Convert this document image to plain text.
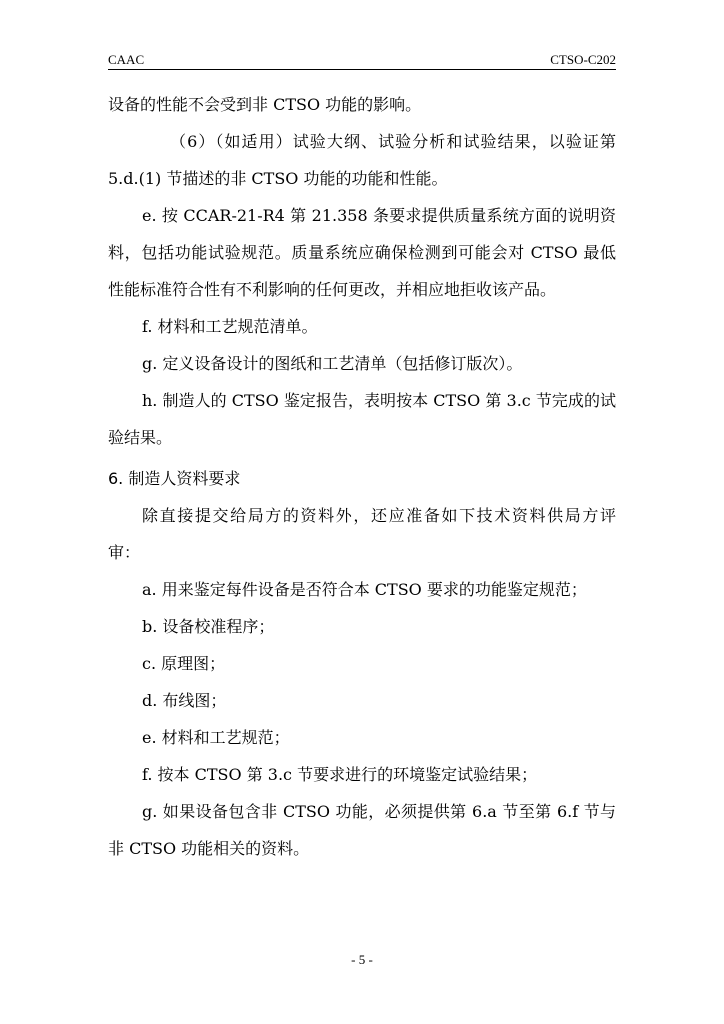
CAAC	CTSO-C202
设备的性能不会受到非 CTSO 功能的影响。
（6）（如适用）试验大纲、试验分析和试验结果，以验证第
5.d.(1) 节描述的非 CTSO 功能的功能和性能。
e. 按 CCAR-21-R4 第 21.358 条要求提供质量系统方面的说明资
料，包括功能试验规范。质量系统应确保检测到可能会对 CTSO 最低
性能标准符合性有不利影响的任何更改，并相应地拒收该产品。
f. 材料和工艺规范清单。
g. 定义设备设计的图纸和工艺清单（包括修订版次）。
h. 制造人的 CTSO 鉴定报告，表明按本 CTSO 第 3.c 节完成的试
验结果。
6. 制造人资料要求
除直接提交给局方的资料外，还应准备如下技术资料供局方评
审：
a. 用来鉴定每件设备是否符合本 CTSO 要求的功能鉴定规范；
b. 设备校准程序；
c. 原理图；
d. 布线图；
e. 材料和工艺规范；
f. 按本 CTSO 第 3.c 节要求进行的环境鉴定试验结果；
g. 如果设备包含非 CTSO 功能，必须提供第 6.a 节至第 6.f 节与
非 CTSO 功能相关的资料。
- 5 -
